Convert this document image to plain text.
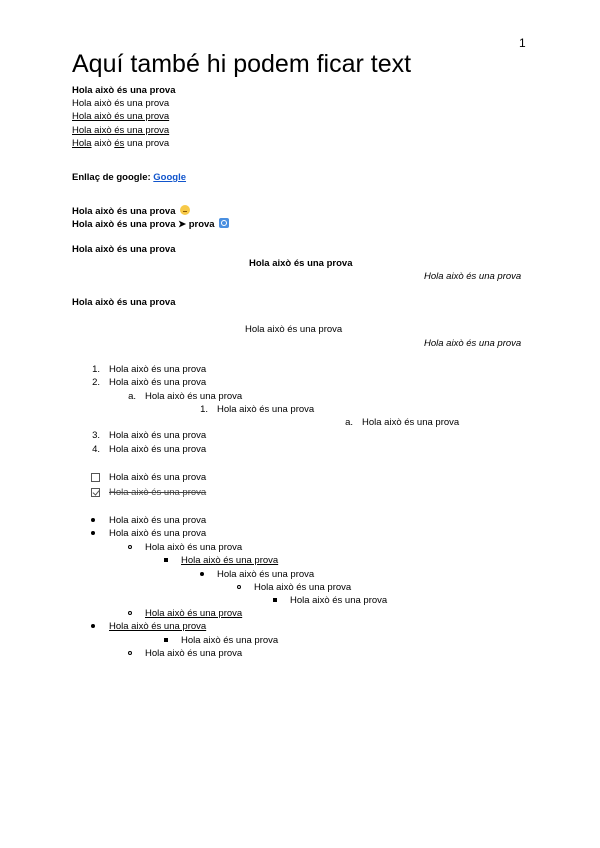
1
Aquí també hi podem ficar text
Hola això és una prova
Hola això és una prova
Hola això és una prova
Hola això és una prova
Hola això és una prova
Enllaç de google: Google
Hola això és una prova
Hola això és una prova ➤ prova
Hola això és una prova
Hola això és una prova
Hola això és una prova
Hola això és una prova
Hola això és una prova
Hola això és una prova
1. Hola això és una prova
2. Hola això és una prova
a. Hola això és una prova
1. Hola això és una prova
a. Hola això és una prova
3. Hola això és una prova
4. Hola això és una prova
Hola això és una prova
Hola això és una prova
Hola això és una prova
Hola això és una prova
Hola això és una prova
Hola això és una prova
Hola això és una prova
Hola això és una prova
Hola això és una prova
Hola això és una prova
Hola això és una prova
Hola això és una prova
Hola això és una prova
